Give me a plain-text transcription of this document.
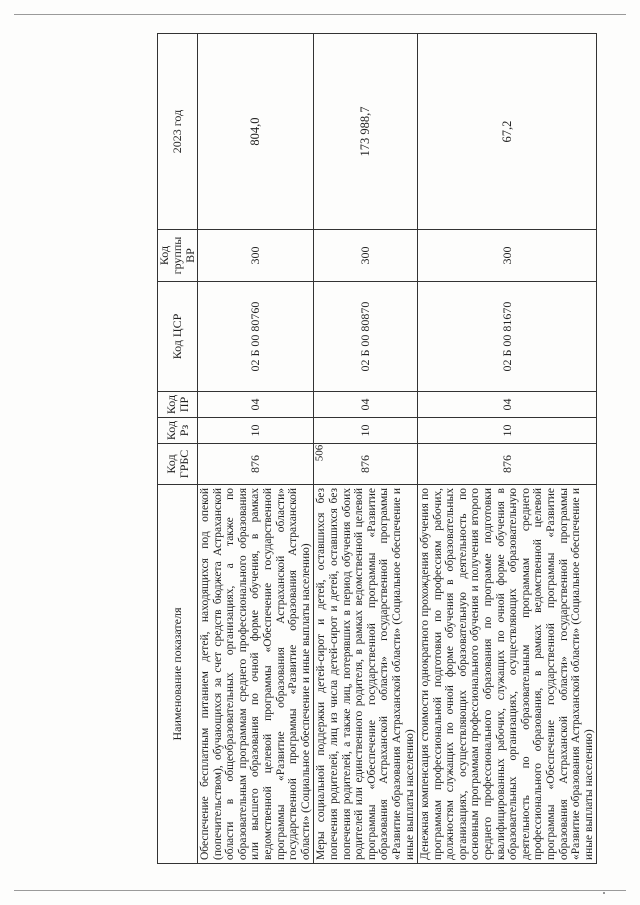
506
Наименование показателя	Код ГРБС	Код Рз	Код ПР	Код ЦСР	Код группы ВР	2023 год
Обеспечение бесплатным питанием детей, находящихся под опекой (попечительством), обучающихся за счет средств бюджета Астраханской области в общеобразовательных организациях, а также по образовательным программам среднего профессионального образования или высшего образования по очной форме обучения, в рамках ведомственной целевой программы «Обеспечение государственной программы «Развитие образования Астраханской области» государственной программы «Развитие образования Астраханской области» (Социальное обеспечение и иные выплаты населению)	876	10	04	02 Б 00 80760	300	804,0
Меры социальной поддержки детей-сирот и детей, оставшихся без попечения родителей, лиц из числа детей-сирот и детей, оставшихся без попечения родителей, а также лиц, потерявших в период обучения обоих родителей или единственного родителя, в рамках ведомственной целевой программы «Обеспечение государственной программы «Развитие образования Астраханской области» государственной программы «Развитие образования Астраханской области» (Социальное обеспечение и иные выплаты населению)	876	10	04	02 Б 00 80870	300	173 988,7
Денежная компенсация стоимости однократного прохождения обучения по программам профессиональной подготовки по профессиям рабочих, должностям служащих по очной форме обучения в образовательных организациях, осуществляющих образовательную деятельность по основным программам профессионального обучения и получения второго среднего профессионального образования по программе подготовки квалифицированных рабочих, служащих по очной форме обучения в образовательных организациях, осуществляющих образовательную деятельность по образовательным программам среднего профессионального образования, в рамках ведомственной целевой программы «Обеспечение государственной программы «Развитие образования Астраханской области» государственной программы «Развитие образования Астраханской области» (Социальное обеспечение и иные выплаты населению)	876	10	04	02 Б 00 81670	300	67,2
